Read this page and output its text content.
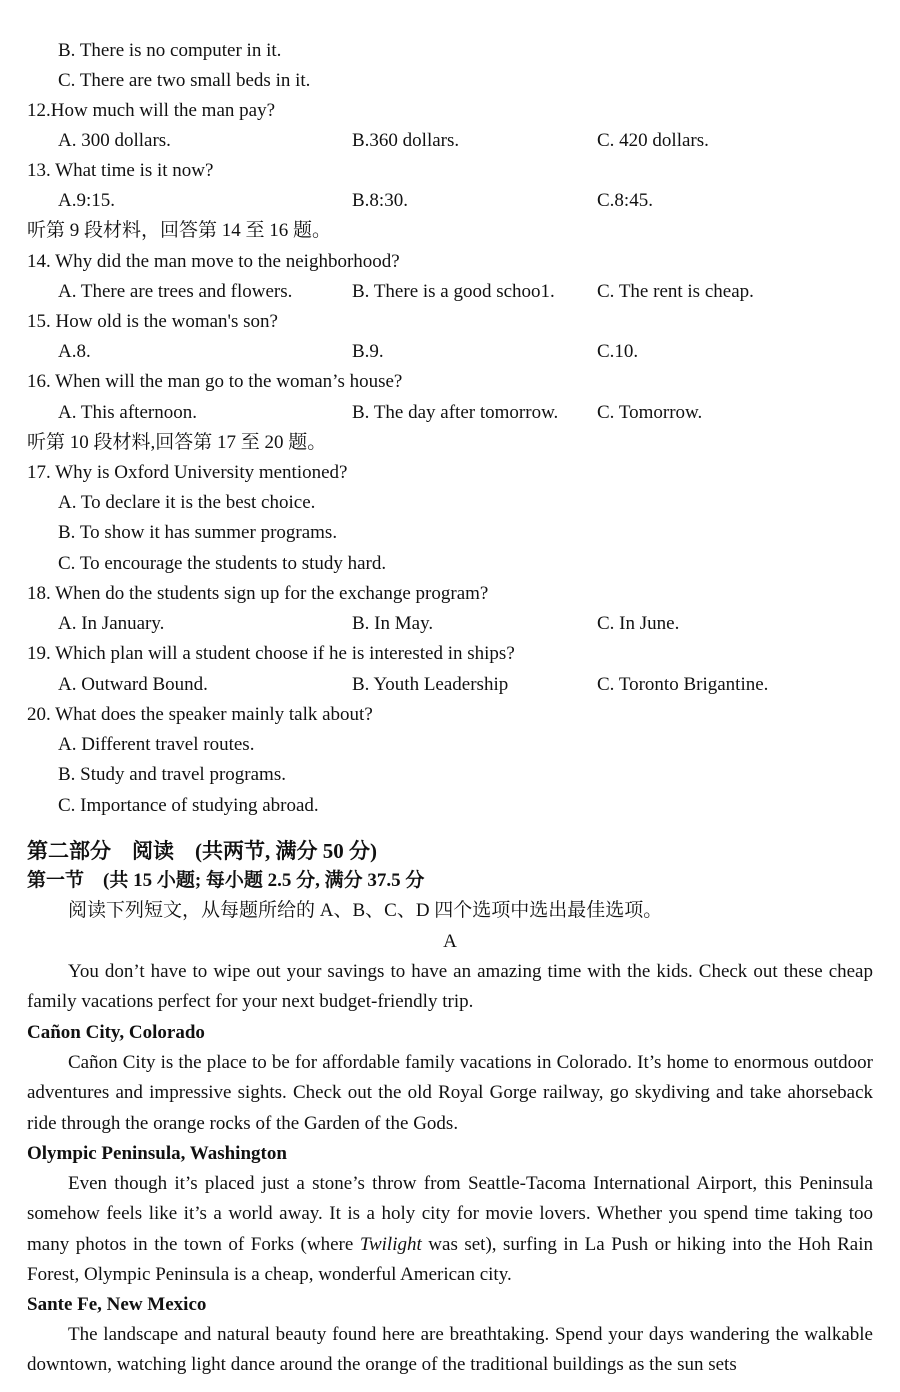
B. There is no computer in it.
C. There are two small beds in it.
12.How much will the man pay?
A. 300 dollars.	B.360 dollars.	C. 420 dollars.
13. What time is it now?
A.9:15.	B.8:30.	C.8:45.
听第 9 段材料，回答第 14 至 16 题。
14. Why did the man move to the neighborhood?
A. There are trees and flowers.	B. There is a good schoo1. C. The rent is cheap.
15. How old is the woman's son?
A.8.	B.9.	C.10.
16. When will the man go to the woman’s house?
A. This afternoon.	B. The day after tomorrow. C. Tomorrow.
听第 10 段材料,回答第 17 至 20 题。
17. Why is Oxford University mentioned?
A. To declare it is the best choice.
B. To show it has summer programs.
C. To encourage the students to study hard.
18. When do the students sign up for the exchange program?
A. In January.	B. In May.	C. In June.
19. Which plan will a student choose if he is interested in ships?
A. Outward Bound.	B. Youth Leadership	C. Toronto Brigantine.
20. What does the speaker mainly talk about?
A. Different travel routes.
B. Study and travel programs.
C. Importance of studying abroad.
第二部分　阅读　(共两节, 满分 50 分)
第一节　(共 15 小题; 每小题 2.5 分, 满分 37.5 分
阅读下列短文，从每题所给的 A、B、C、D 四个选项中选出最佳选项。
A

You don’t have to wipe out your savings to have an amazing time with the kids. Check out these cheap family vacations perfect for your next budget-friendly trip.

Cañon City, Colorado

Cañon City is the place to be for affordable family vacations in Colorado. It’s home to enormous outdoor adventures and impressive sights. Check out the old Royal Gorge railway, go skydiving and take ahorseback ride through the orange rocks of the Garden of the Gods.

Olympic Peninsula, Washington

Even though it’s placed just a stone’s throw from Seattle-Tacoma International Airport, this Peninsula somehow feels like it’s a world away. It is a holy city for movie lovers. Whether you spend time taking too many photos in the town of Forks (where Twilight was set), surfing in La Push or hiking into the Hoh Rain Forest, Olympic Peninsula is a cheap, wonderful American city.

Sante Fe, New Mexico

The landscape and natural beauty found here are breathtaking. Spend your days wandering the walkable downtown, watching light dance around the orange of the traditional buildings as the sun sets
